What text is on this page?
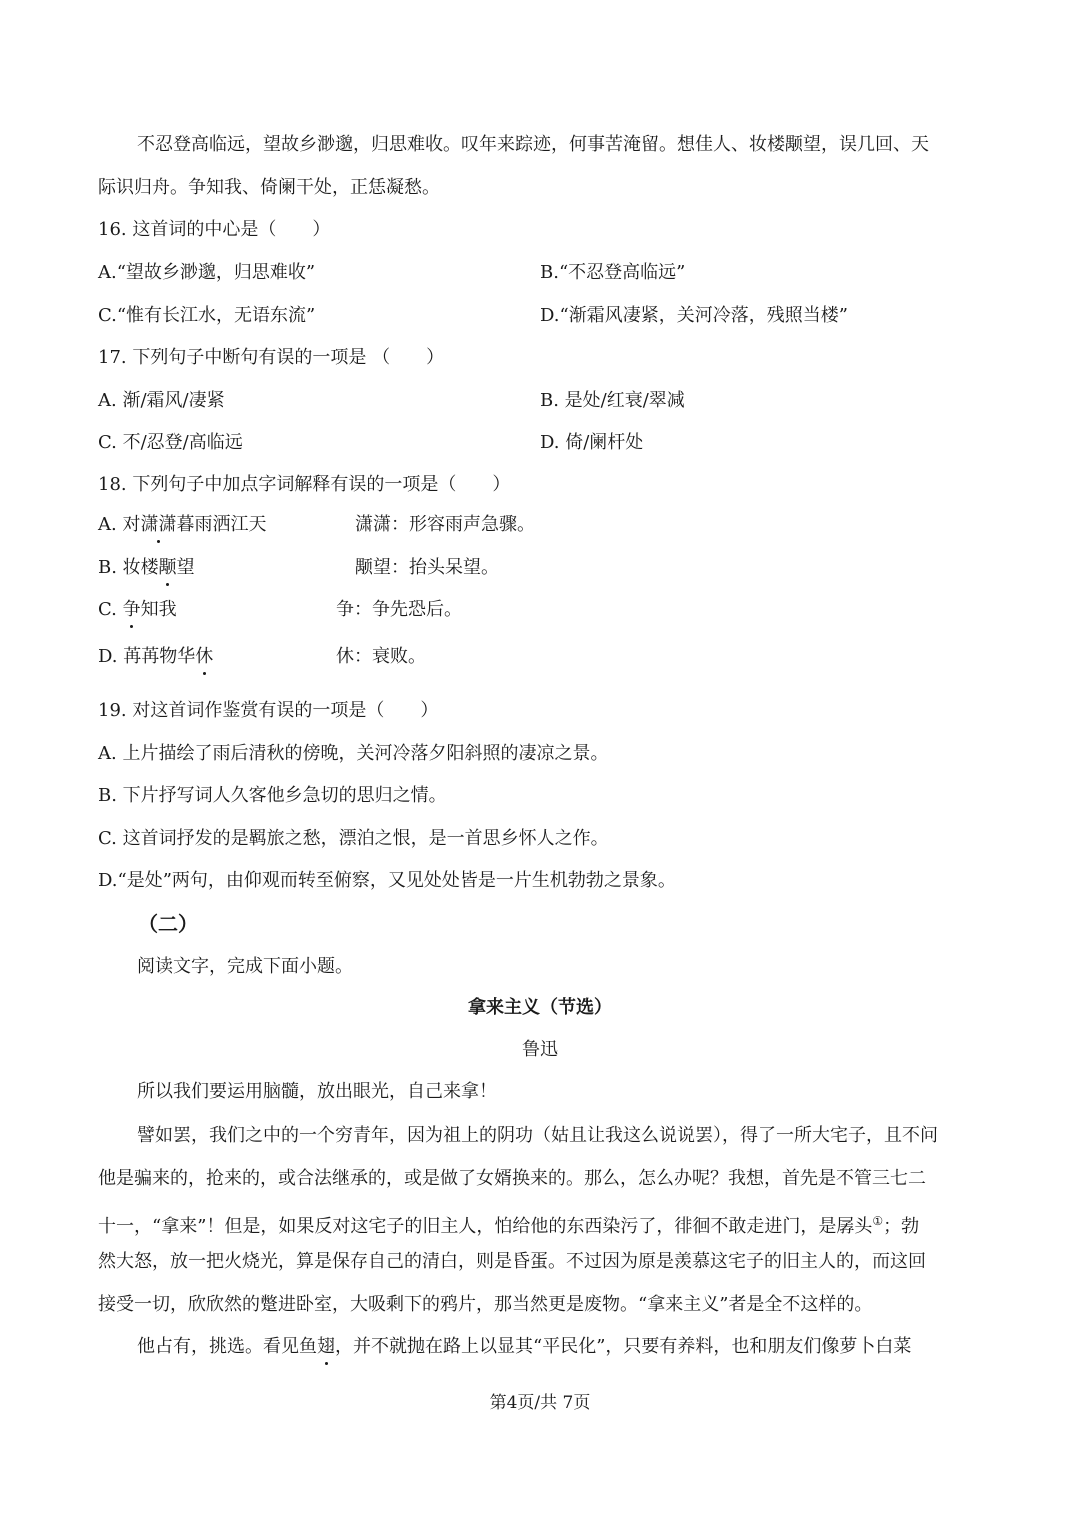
不忍登高临远，望故乡渺邈，归思难收。叹年来踪迹，何事苦淹留。想佳人、妆楼颙望，误几回、天
际识归舟。争知我、倚阑干处，正恁凝愁。
16. 这首词的中心是（　　）
A.“望故乡渺邈，归思难收”	B.“不忍登高临远”
C.“惟有长江水，无语东流”	D.“渐霜风凄紧，关河冷落，残照当楼”
17. 下列句子中断句有误的一项是 （　　）
A. 渐/霜风/凄紧	B. 是处/红衰/翠减
C. 不/忍登/高临远	D. 倚/阑杆处
18. 下列句子中加点字词解释有误的一项是（　　）
A. 对潇潇暮雨洒江天	潇潇：形容雨声急骤。
B. 妆楼颙望	颙望：抬头呆望。
C. 争知我	争：争先恐后。
D. 苒苒物华休	休：衰败。
19. 对这首词作鉴赏有误的一项是（　　）
A. 上片描绘了雨后清秋的傍晚，关河冷落夕阳斜照的凄凉之景。
B. 下片抒写词人久客他乡急切的思归之情。
C. 这首词抒发的是羁旅之愁，漂泊之恨，是一首思乡怀人之作。
D.“是处”两句，由仰观而转至俯察，又见处处皆是一片生机勃勃之景象。
（二）
阅读文字，完成下面小题。
拿来主义（节选）
鲁迅
所以我们要运用脑髓，放出眼光，自己来拿！
譬如罢，我们之中的一个穷青年，因为祖上的阴功（姑且让我这么说说罢），得了一所大宅子，且不问
他是骗来的，抢来的，或合法继承的，或是做了女婿换来的。那么，怎么办呢？我想，首先是不管三七二
十一，“拿来”！但是，如果反对这宅子的旧主人，怕给他的东西染污了，徘徊不敢走进门，是孱头①；勃
然大怒，放一把火烧光，算是保存自己的清白，则是昏蛋。不过因为原是羡慕这宅子的旧主人的，而这回
接受一切，欣欣然的蹩进卧室，大吸剩下的鸦片，那当然更是废物。“拿来主义”者是全不这样的。
他占有，挑选。看见鱼翅，并不就抛在路上以显其“平民化”，只要有养料，也和朋友们像萝卜白菜
第4页/共 7页
